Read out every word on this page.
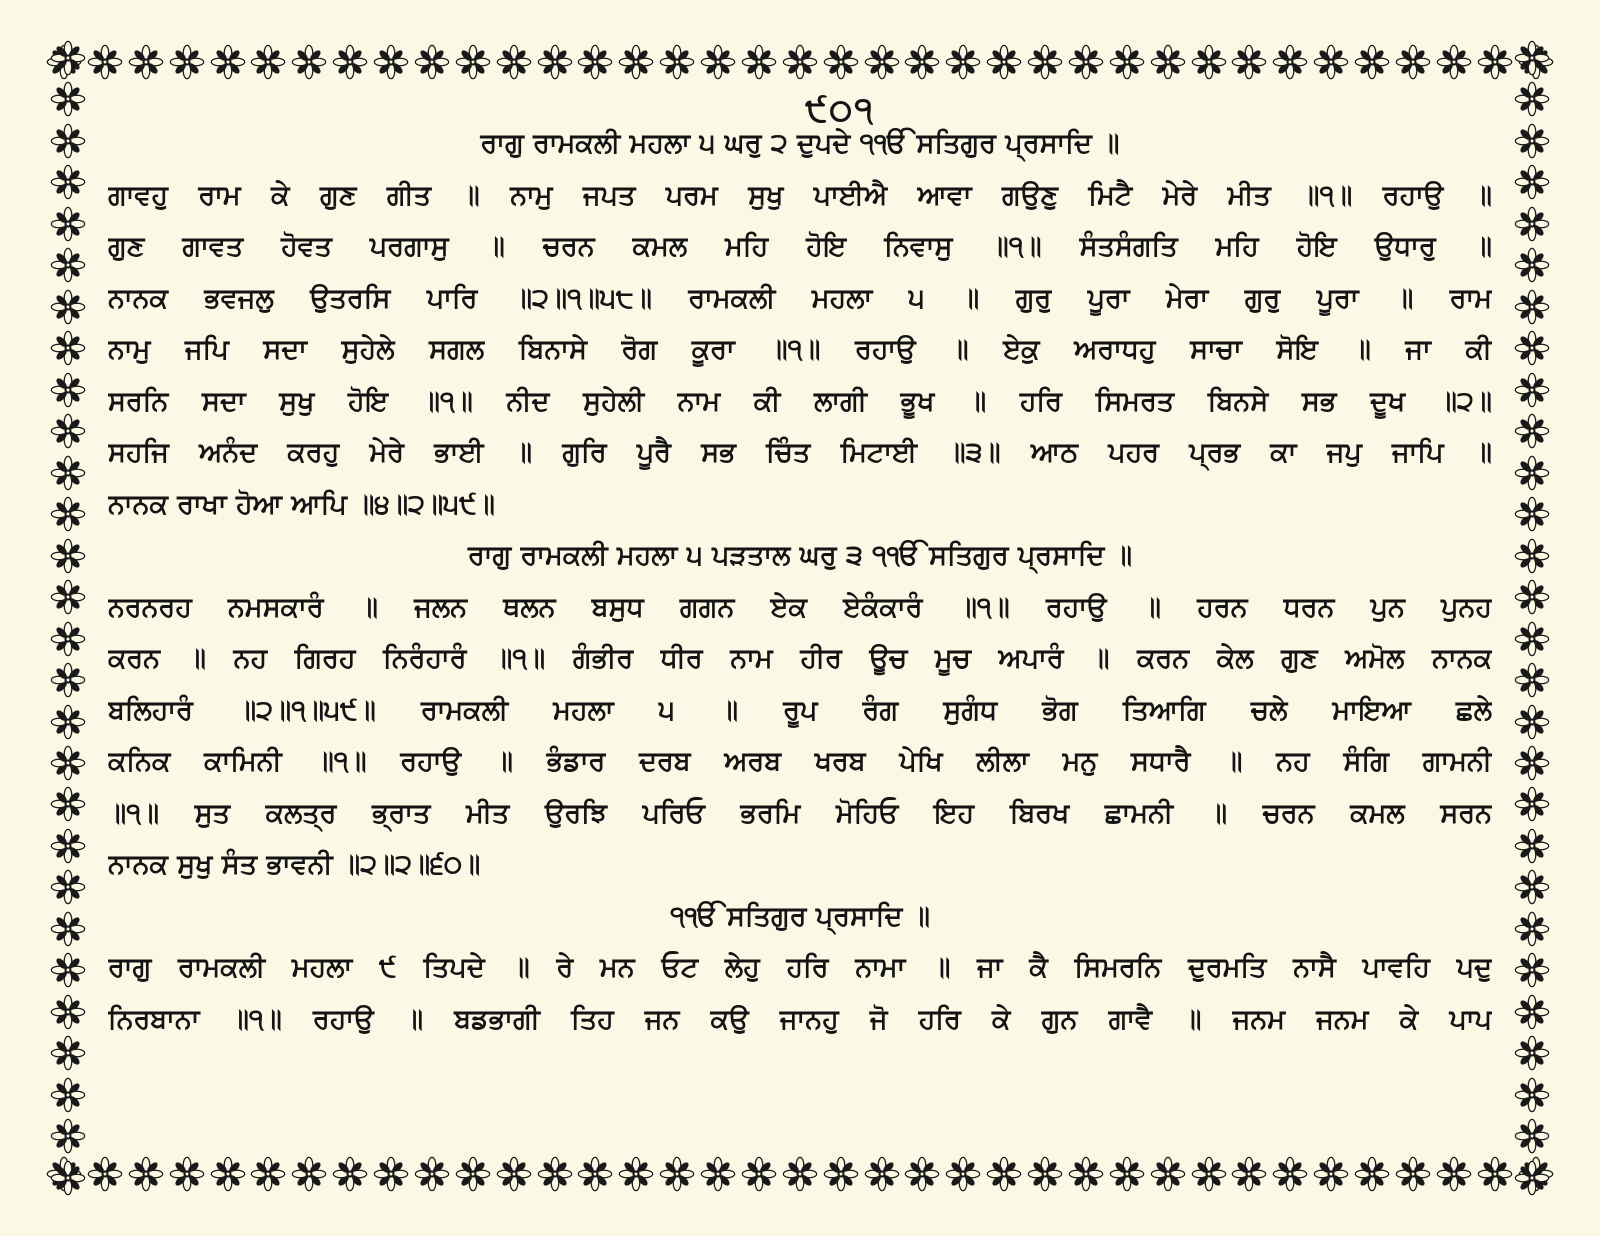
੯੦੧
ਰਾਗੁ ਰਾਮਕਲੀ ਮਹਲਾ ੫ ਘਰੁ ੨ ਦੁਪਦੇ ੧ੴ ਸਤਿਗੁਰ ਪ੍ਰਸਾਦਿ ॥
ਗਾਵਹੁ ਰਾਮ ਕੇ ਗੁਣ ਗੀਤ ॥ ਨਾਮੁ ਜਪਤ ਪਰਮ ਸੁਖੁ ਪਾਈਐ ਆਵਾ ਗਉਣੁ ਮਿਟੈ ਮੇਰੇ ਮੀਤ ॥੧॥ ਰਹਾਉ ॥
ਗੁਣ ਗਾਵਤ ਹੋਵਤ ਪਰਗਾਸੁ ॥ ਚਰਨ ਕਮਲ ਮਹਿ ਹੋਇ ਨਿਵਾਸੁ ॥੧॥ ਸੰਤਸੰਗਤਿ ਮਹਿ ਹੋਇ ਉਧਾਰੁ ॥
ਨਾਨਕ ਭਵਜਲੁ ਉਤਰਸਿ ਪਾਰਿ ॥੨॥੧॥੫੮॥ ਰਾਮਕਲੀ ਮਹਲਾ ੫ ॥ ਗੁਰੁ ਪੂਰਾ ਮੇਰਾ ਗੁਰੁ ਪੂਰਾ ॥ ਰਾਮ
ਨਾਮੁ ਜਪਿ ਸਦਾ ਸੁਹੇਲੇ ਸਗਲ ਬਿਨਾਸੇ ਰੋਗ ਕੂਰਾ ॥੧॥ ਰਹਾਉ ॥ ਏਕੁ ਅਰਾਧਹੁ ਸਾਚਾ ਸੋਇ ॥ ਜਾ ਕੀ
ਸਰਨਿ ਸਦਾ ਸੁਖੁ ਹੋਇ ॥੧॥ ਨੀਦ ਸੁਹੇਲੀ ਨਾਮ ਕੀ ਲਾਗੀ ਭੂਖ ॥ ਹਰਿ ਸਿਮਰਤ ਬਿਨਸੇ ਸਭ ਦੂਖ ॥੨॥
ਸਹਜਿ ਅਨੰਦ ਕਰਹੁ ਮੇਰੇ ਭਾਈ ॥ ਗੁਰਿ ਪੂਰੈ ਸਭ ਚਿੰਤ ਮਿਟਾਈ ॥੩॥ ਆਠ ਪਹਰ ਪ੍ਰਭ ਕਾ ਜਪੁ ਜਾਪਿ ॥
ਨਾਨਕ ਰਾਖਾ ਹੋਆ ਆਪਿ ॥੪॥੨॥੫੯॥
ਰਾਗੁ ਰਾਮਕਲੀ ਮਹਲਾ ੫ ਪੜਤਾਲ ਘਰੁ ੩ ੧ੴ ਸਤਿਗੁਰ ਪ੍ਰਸਾਦਿ ॥
ਨਰਨਰਹ ਨਮਸਕਾਰੰ ॥ ਜਲਨ ਥਲਨ ਬਸੁਧ ਗਗਨ ਏਕ ਏਕੰਕਾਰੰ ॥੧॥ ਰਹਾਉ ॥ ਹਰਨ ਧਰਨ ਪੁਨ ਪੁਨਹ
ਕਰਨ ॥ ਨਹ ਗਿਰਹ ਨਿਰੰਹਾਰੰ ॥੧॥ ਗੰਭੀਰ ਧੀਰ ਨਾਮ ਹੀਰ ਊਚ ਮੂਚ ਅਪਾਰੰ ॥ ਕਰਨ ਕੇਲ ਗੁਣ ਅਮੋਲ ਨਾਨਕ
ਬਲਿਹਾਰੰ ॥੨॥੧॥੫੯॥ ਰਾਮਕਲੀ ਮਹਲਾ ੫ ॥ ਰੂਪ ਰੰਗ ਸੁਗੰਧ ਭੋਗ ਤਿਆਗਿ ਚਲੇ ਮਾਇਆ ਛਲੇ
ਕਨਿਕ ਕਾਮਿਨੀ ॥੧॥ ਰਹਾਉ ॥ ਭੰਡਾਰ ਦਰਬ ਅਰਬ ਖਰਬ ਪੇਖਿ ਲੀਲਾ ਮਨੁ ਸਧਾਰੈ ॥ ਨਹ ਸੰਗਿ ਗਾਮਨੀ
॥੧॥ ਸੁਤ ਕਲਤ੍ਰ ਭ੍ਰਾਤ ਮੀਤ ਉਰਝਿ ਪਰਿਓ ਭਰਮਿ ਮੋਹਿਓ ਇਹ ਬਿਰਖ ਛਾਮਨੀ ॥ ਚਰਨ ਕਮਲ ਸਰਨ
ਨਾਨਕ ਸੁਖੁ ਸੰਤ ਭਾਵਨੀ ॥੨॥੨॥੬੦॥
੧ੴ ਸਤਿਗੁਰ ਪ੍ਰਸਾਦਿ ॥
ਰਾਗੁ ਰਾਮਕਲੀ ਮਹਲਾ ੯ ਤਿਪਦੇ ॥ ਰੇ ਮਨ ਓਟ ਲੇਹੁ ਹਰਿ ਨਾਮਾ ॥ ਜਾ ਕੈ ਸਿਮਰਨਿ ਦੁਰਮਤਿ ਨਾਸੈ ਪਾਵਹਿ ਪਦੁ
ਨਿਰਬਾਨਾ ॥੧॥ ਰਹਾਉ ॥ ਬਡਭਾਗੀ ਤਿਹ ਜਨ ਕਉ ਜਾਨਹੁ ਜੋ ਹਰਿ ਕੇ ਗੁਨ ਗਾਵੈ ॥ ਜਨਮ ਜਨਮ ਕੇ ਪਾਪ
